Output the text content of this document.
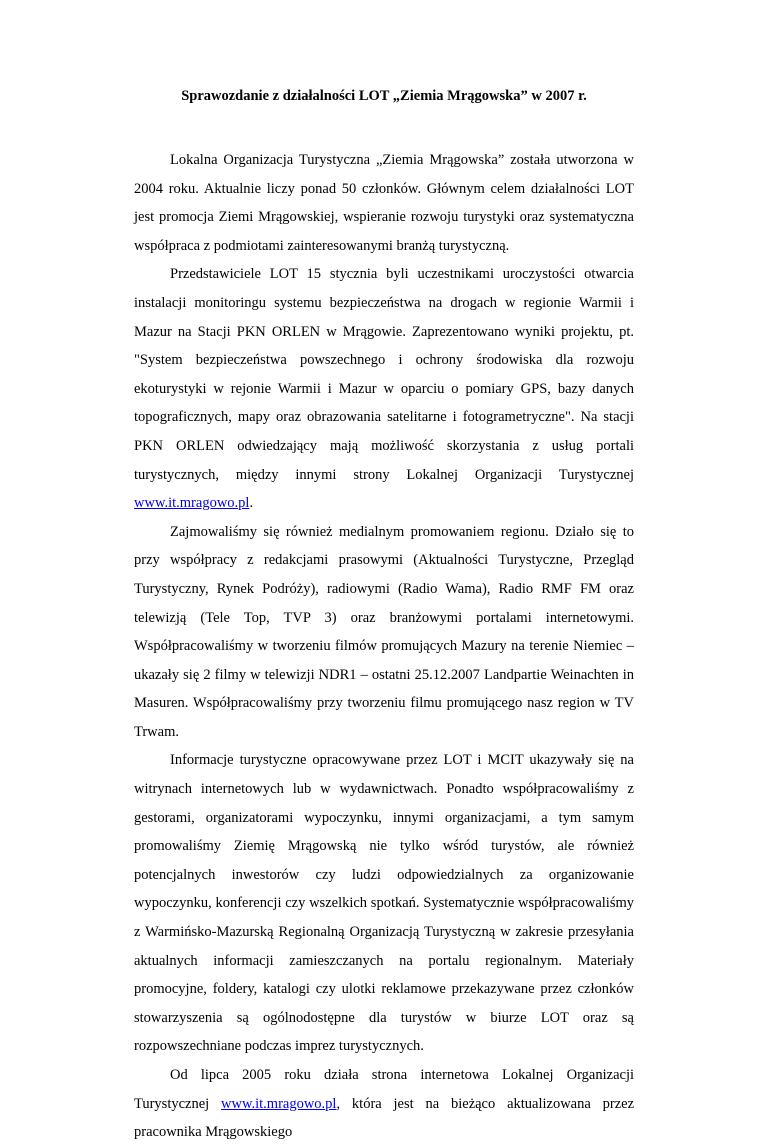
Sprawozdanie z działalności LOT „Ziemia Mrągowska” w 2007 r.

Lokalna Organizacja Turystyczna „Ziemia Mrągowska” została utworzona w 2004 roku. Aktualnie liczy ponad 50 członków. Głównym celem działalności LOT jest promocja Ziemi Mrągowskiej, wspieranie rozwoju turystyki oraz systematyczna współpraca z podmiotami zainteresowanymi branżą turystyczną.

Przedstawiciele LOT 15 stycznia byli uczestnikami uroczystości otwarcia instalacji monitoringu systemu bezpieczeństwa na drogach w regionie Warmii i Mazur na Stacji PKN ORLEN w Mrągowie. Zaprezentowano wyniki projektu, pt. "System bezpieczeństwa powszechnego i ochrony środowiska dla rozwoju ekoturystyki w rejonie Warmii i Mazur w oparciu o pomiary GPS, bazy danych topograficznych, mapy oraz obrazowania satelitarne i fotogrametryczne". Na stacji PKN ORLEN odwiedzający mają możliwość skorzystania z usług portali turystycznych, między innymi strony Lokalnej Organizacji Turystycznej www.it.mragowo.pl.

Zajmowaliśmy się również medialnym promowaniem regionu. Działo się to przy współpracy z redakcjami prasowymi (Aktualności Turystyczne, Przegląd Turystyczny, Rynek Podróży), radiowymi (Radio Wama), Radio RMF FM oraz telewizją (Tele Top, TVP 3) oraz branżowymi portalami internetowymi. Współpracowaliśmy w tworzeniu filmów promujących Mazury na terenie Niemiec – ukazały się 2 filmy w telewizji NDR1 – ostatni 25.12.2007 Landpartie Weinachten in Masuren. Współpracowaliśmy przy tworzeniu filmu promującego nasz region w TV Trwam.

Informacje turystyczne opracowywane przez LOT i MCIT ukazywały się na witrynach internetowych lub w wydawnictwach. Ponadto współpracowaliśmy z gestorami, organizatorami wypoczynku, innymi organizacjami, a tym samym promowaliśmy Ziemię Mrągowską nie tylko wśród turystów, ale również potencjalnych inwestorów czy ludzi odpowiedzialnych za organizowanie wypoczynku, konferencji czy wszelkich spotkań. Systematycznie współpracowaliśmy z Warmińsko-Mazurską Regionalną Organizacją Turystyczną w zakresie przesyłania aktualnych informacji zamieszczanych na portalu regionalnym. Materiały promocyjne, foldery, katalogi czy ulotki reklamowe przekazywane przez członków stowarzyszenia są ogólnodostępne dla turystów w biurze LOT oraz są rozpowszechniane podczas imprez turystycznych.

Od lipca 2005 roku działa strona internetowa Lokalnej Organizacji Turystycznej www.it.mragowo.pl, która jest na bieżąco aktualizowana przez pracownika Mrągowskiego
